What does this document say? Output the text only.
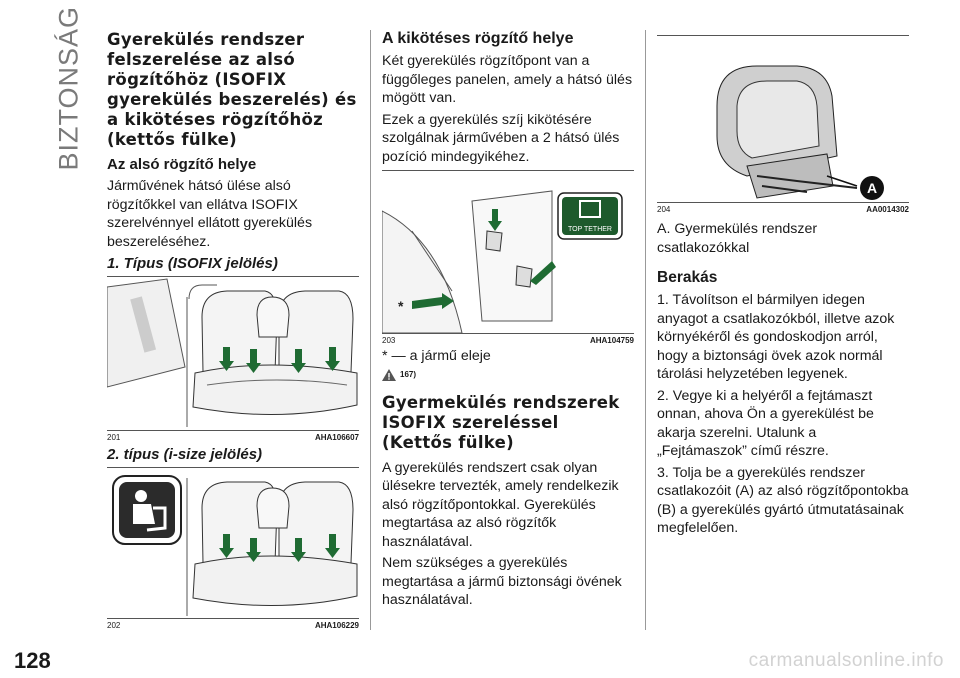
BIZTONSÁG Gyerekülés rendszer felszerelése az alsó rögzítőhöz (ISOFIX gyerekülés beszerelés) és a kikötéses rögzítőhöz (kettős fülke)
Az alsó rögzítő helye
Járművének hátsó ülése alsó rögzítőkkel van ellátva ISOFIX szerelvénnyel ellátott gyerekülés beszereléséhez.
1. Típus (ISOFIX jelölés)
201	AHA106607
2. típus (i-size jelölés)
202	AHA106229
A kikötéses rögzítő helye
Két gyerekülés rögzítőpont van a függőleges panelen, amely a hátsó ülés mögött van.
Ezek a gyerekülés szíj kikötésére szolgálnak járművében a 2 hátsó ülés pozíció mindegyikéhez.
TOP TETHER
*
203	AHA104759
* — a jármű eleje
167)
Gyermekülés rendszerek ISOFIX szereléssel (Kettős fülke)
A gyerekülés rendszert csak olyan ülésekre tervezték, amely rendelkezik alsó rögzítőpontokkal. Gyerekülés megtartása az alsó rögzítők használatával.
Nem szükséges a gyerekülés megtartása a jármű biztonsági övének használatával.
A
204	AA0014302
A. Gyermekülés rendszer csatlakozókkal
Berakás
1. Távolítson el bármilyen idegen anyagot a csatlakozókból, illetve azok környékéről és gondoskodjon arról, hogy a biztonsági övek azok normál tárolási helyzetében legyenek.
2. Vegye ki a helyéről a fejtámaszt onnan, ahova Ön a gyerekülést be akarja szerelni. Utalunk a „Fejtámaszok” című részre.
3. Tolja be a gyerekülés rendszer csatlakozóit (A) az alsó rögzítőpontokba (B) a gyerekülés gyártó útmutatásainak megfelelően.
128	carmanualsonline.info
